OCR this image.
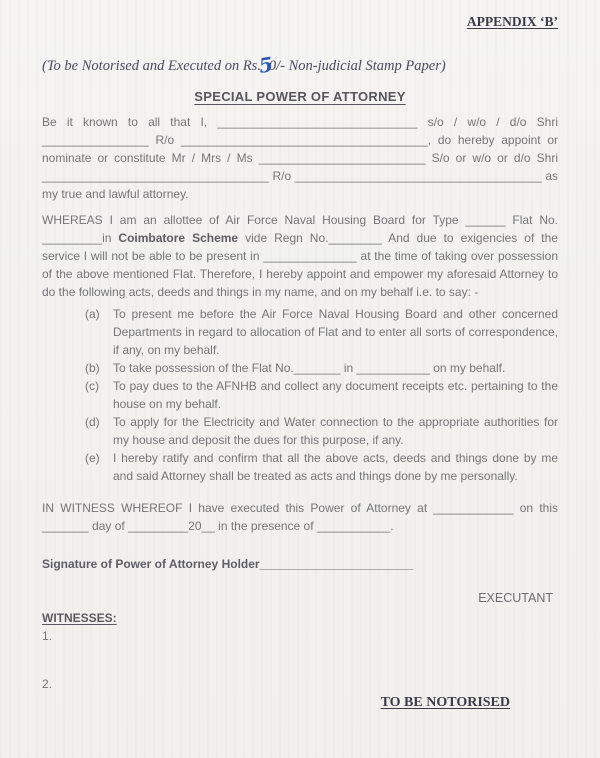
APPENDIX ‘B’
(To be Notorised and Executed on Rs.50/- Non-judicial Stamp Paper)
SPECIAL POWER OF ATTORNEY
Be it known to all that I, ______________________________ s/o / w/o / d/o Shri ________________ R/o _____________________________________, do hereby appoint or nominate or constitute Mr / Mrs / Ms _________________________ S/o or w/o or d/o Shri __________________________________ R/o _____________________________________ as my true and lawful attorney.
WHEREAS I am an allottee of Air Force Naval Housing Board for Type ______ Flat No. _________in Coimbatore Scheme vide Regn No.________ And due to exigencies of the service I will not be able to be present in ______________ at the time of taking over possession of the above mentioned Flat. Therefore, I hereby appoint and empower my aforesaid Attorney to do the following acts, deeds and things in my name, and on my behalf i.e. to say: -
(a) To present me before the Air Force Naval Housing Board and other concerned Departments in regard to allocation of Flat and to enter all sorts of correspondence, if any, on my behalf.
(b) To take possession of the Flat No._______ in ___________ on my behalf.
(c) To pay dues to the AFNHB and collect any document receipts etc. pertaining to the house on my behalf.
(d) To apply for the Electricity and Water connection to the appropriate authorities for my house and deposit the dues for this purpose, if any.
(e) I hereby ratify and confirm that all the above acts, deeds and things done by me and said Attorney shall be treated as acts and things done by me personally.
IN WITNESS WHEREOF I have executed this Power of Attorney at ____________ on this _______ day of _________20__ in the presence of ___________.
Signature of Power of Attorney Holder_______________________
EXECUTANT
WITNESSES:
1.
2.
TO BE NOTORISED
